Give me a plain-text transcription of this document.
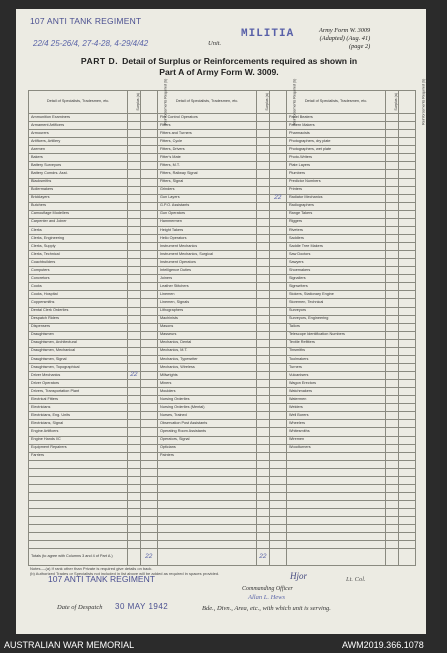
107 ANTI TANK REGIMENT
22/4 25-26/4, 27-4-28, 4-29/4/42	Unit.
MILITIA	Army Form W. 3009
(Adapted) (Aug. 41)
(page 2)
PART D. Detail of Surplus or Reinforcements required as shown in
Part A of Army Form W. 3009.
Detail of Specialists, Tradesmen, etc.	Surplus (a)	Reinforcements Required (b)	Detail of Specialists, Tradesmen, etc.	Surplus (a)	Reinforcements Required (b)	Detail of Specialists, Tradesmen, etc.	Surplus (a)	Reinforcements Required (b)
Ammunition Examiners			Fire Control Operators			Panel Beaters		
Armament Artificers			Fitters			Pattern Makers		
Armourers			Fitters and Turners			Pharmacists		
Artificers, Artillery			Fitters, Cycle			Photographers, dry plate		
Axemen			Fitters, Drivers			Photographers, wet plate		
Bakers			Fitter's Mate			Photo-Writers		
Battery Surveyors			Fitters, M.T.			Plate Layers		
Battery Comdrs. Asst.			Fitters, Railway Signal			Plumbers		
Blacksmiths			Fitters, Signal			Predictor Numbers		
Boilermakers			Grinders			Printers		
Bricklayers			Gun Layers		22	Radiator Mechanics		
Butchers			G.P.O. Assistants			Radiographers		
Camouflage Modellers			Gun Operators			Range Takers		
Carpenter and Joiner			Hammermen			Riggers		
Clerks			Height Takers			Riveters		
Clerks, Engineering			Helio Operators			Saddlers		
Clerks, Supply			Instrument Mechanics			Saddle Tree Makers		
Clerks, Technical			Instrument Mechanics, Surgical			Saw Doctors		
Coachbuilders			Instrument Operators			Sawyers		
Computers			Intelligence Duties			Shoemakers		
Concretors			Joiners			Signallers		
Cooks			Leather Stitchers			Signwriters		
Cooks, Hospital			Linemen			Stokers, Stationary Engine		
Coppersmiths			Linemen, Signals			Storemen, Technical		
Dental Clerk Orderlies			Lithographers			Surveyors		
Despatch Riders			Machinists			Surveyors, Engineering		
Dispensers			Masons			Tailors		
Draughtsmen			Masseurs			Telescope Identification Numbers		
Draughtsmen, Architectural			Mechanics, Dental			Textile Refitters		
Draughtsmen, Mechanical			Mechanics, M.T.			Tinsmiths		
Draughtsmen, Signal			Mechanics, Typewriter			Toolmakers		
Draughtsmen, Topographical			Mechanics, Wireless			Turners		
Driver Mechanics	22		Millwrights			Vulcanisers		
Driver Operators			Miners			Wagon Erectors		
Drivers, Transportation Plant			Moulders			Watchmakers		
Electrical Fitters			Nursing Orderlies			Watermen		
Electricians			Nursing Orderlies (Mental)			Welders		
Electricians, Eng. Units			Nurses, Trained			Well Borers		
Electricians, Signal			Observation Post Assistants			Wheelers		
Engine Artificers			Operating Room Assistants			Whitesmiths		
Engine Hands I/C			Operators, Signal			Wiremen		
Equipment Repairers			Opticians			Woodturners		
Farriers			Painters					

Totals (to agree with Columns 3 and 4 of Part A.)		22		22				
Notes.—(a) If rank other than Private is required give details on back.
(b) Authorized Trades or Specialists not included in list above will be added as required in spaces provided.
107 ANTI TANK REGIMENT	Hjor	Lt. Col.
Commanding Officer
Allan L. Hews
Date of Despatch 30 MAY 1942	Bde., Divn., Area, etc., with which unit is serving.
AUSTRALIAN WAR MEMORIAL	AWM2019.366.1078
